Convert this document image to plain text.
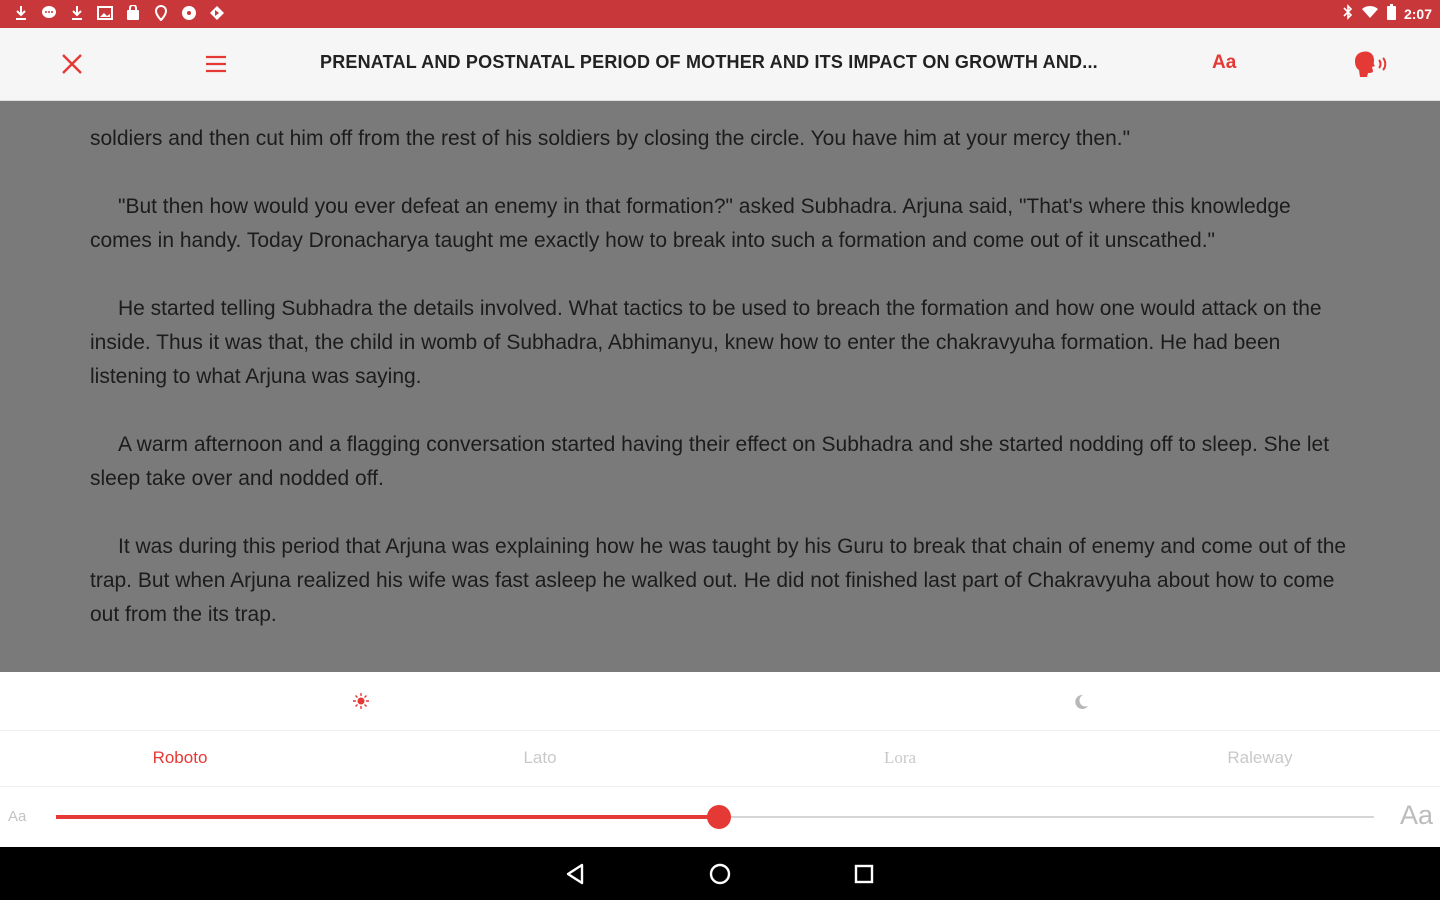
2:07

soldiers and then cut him off from the rest of his soldiers by closing the circle. You have him at your mercy then."

"But then how would you ever defeat an enemy in that formation?" asked Subhadra. Arjuna said, "That's where this knowledge comes in handy. Today Dronacharya taught me exactly how to break into such a formation and come out of it unscathed."

He started telling Subhadra the details involved. What tactics to be used to breach the formation and how one would attack on the inside. Thus it was that, the child in womb of Subhadra, Abhimanyu, knew how to enter the chakravyuha formation. He had been listening to what Arjuna was saying.

A warm afternoon and a flagging conversation started having their effect on Subhadra and she started nodding off to sleep. She let sleep take over and nodded off.

It was during this period that Arjuna was explaining how he was taught by his Guru to break that chain of enemy and come out of the trap. But when Arjuna realized his wife was fast asleep he walked out. He did not finished last part of Chakravyuha about how to come out from the its trap.

PRENATAL AND POSTNATAL PERIOD OF MOTHER AND ITS IMPACT ON GROWTH AND...	Aa
Roboto	Lato	Lora	Raleway
Aa	Aa
